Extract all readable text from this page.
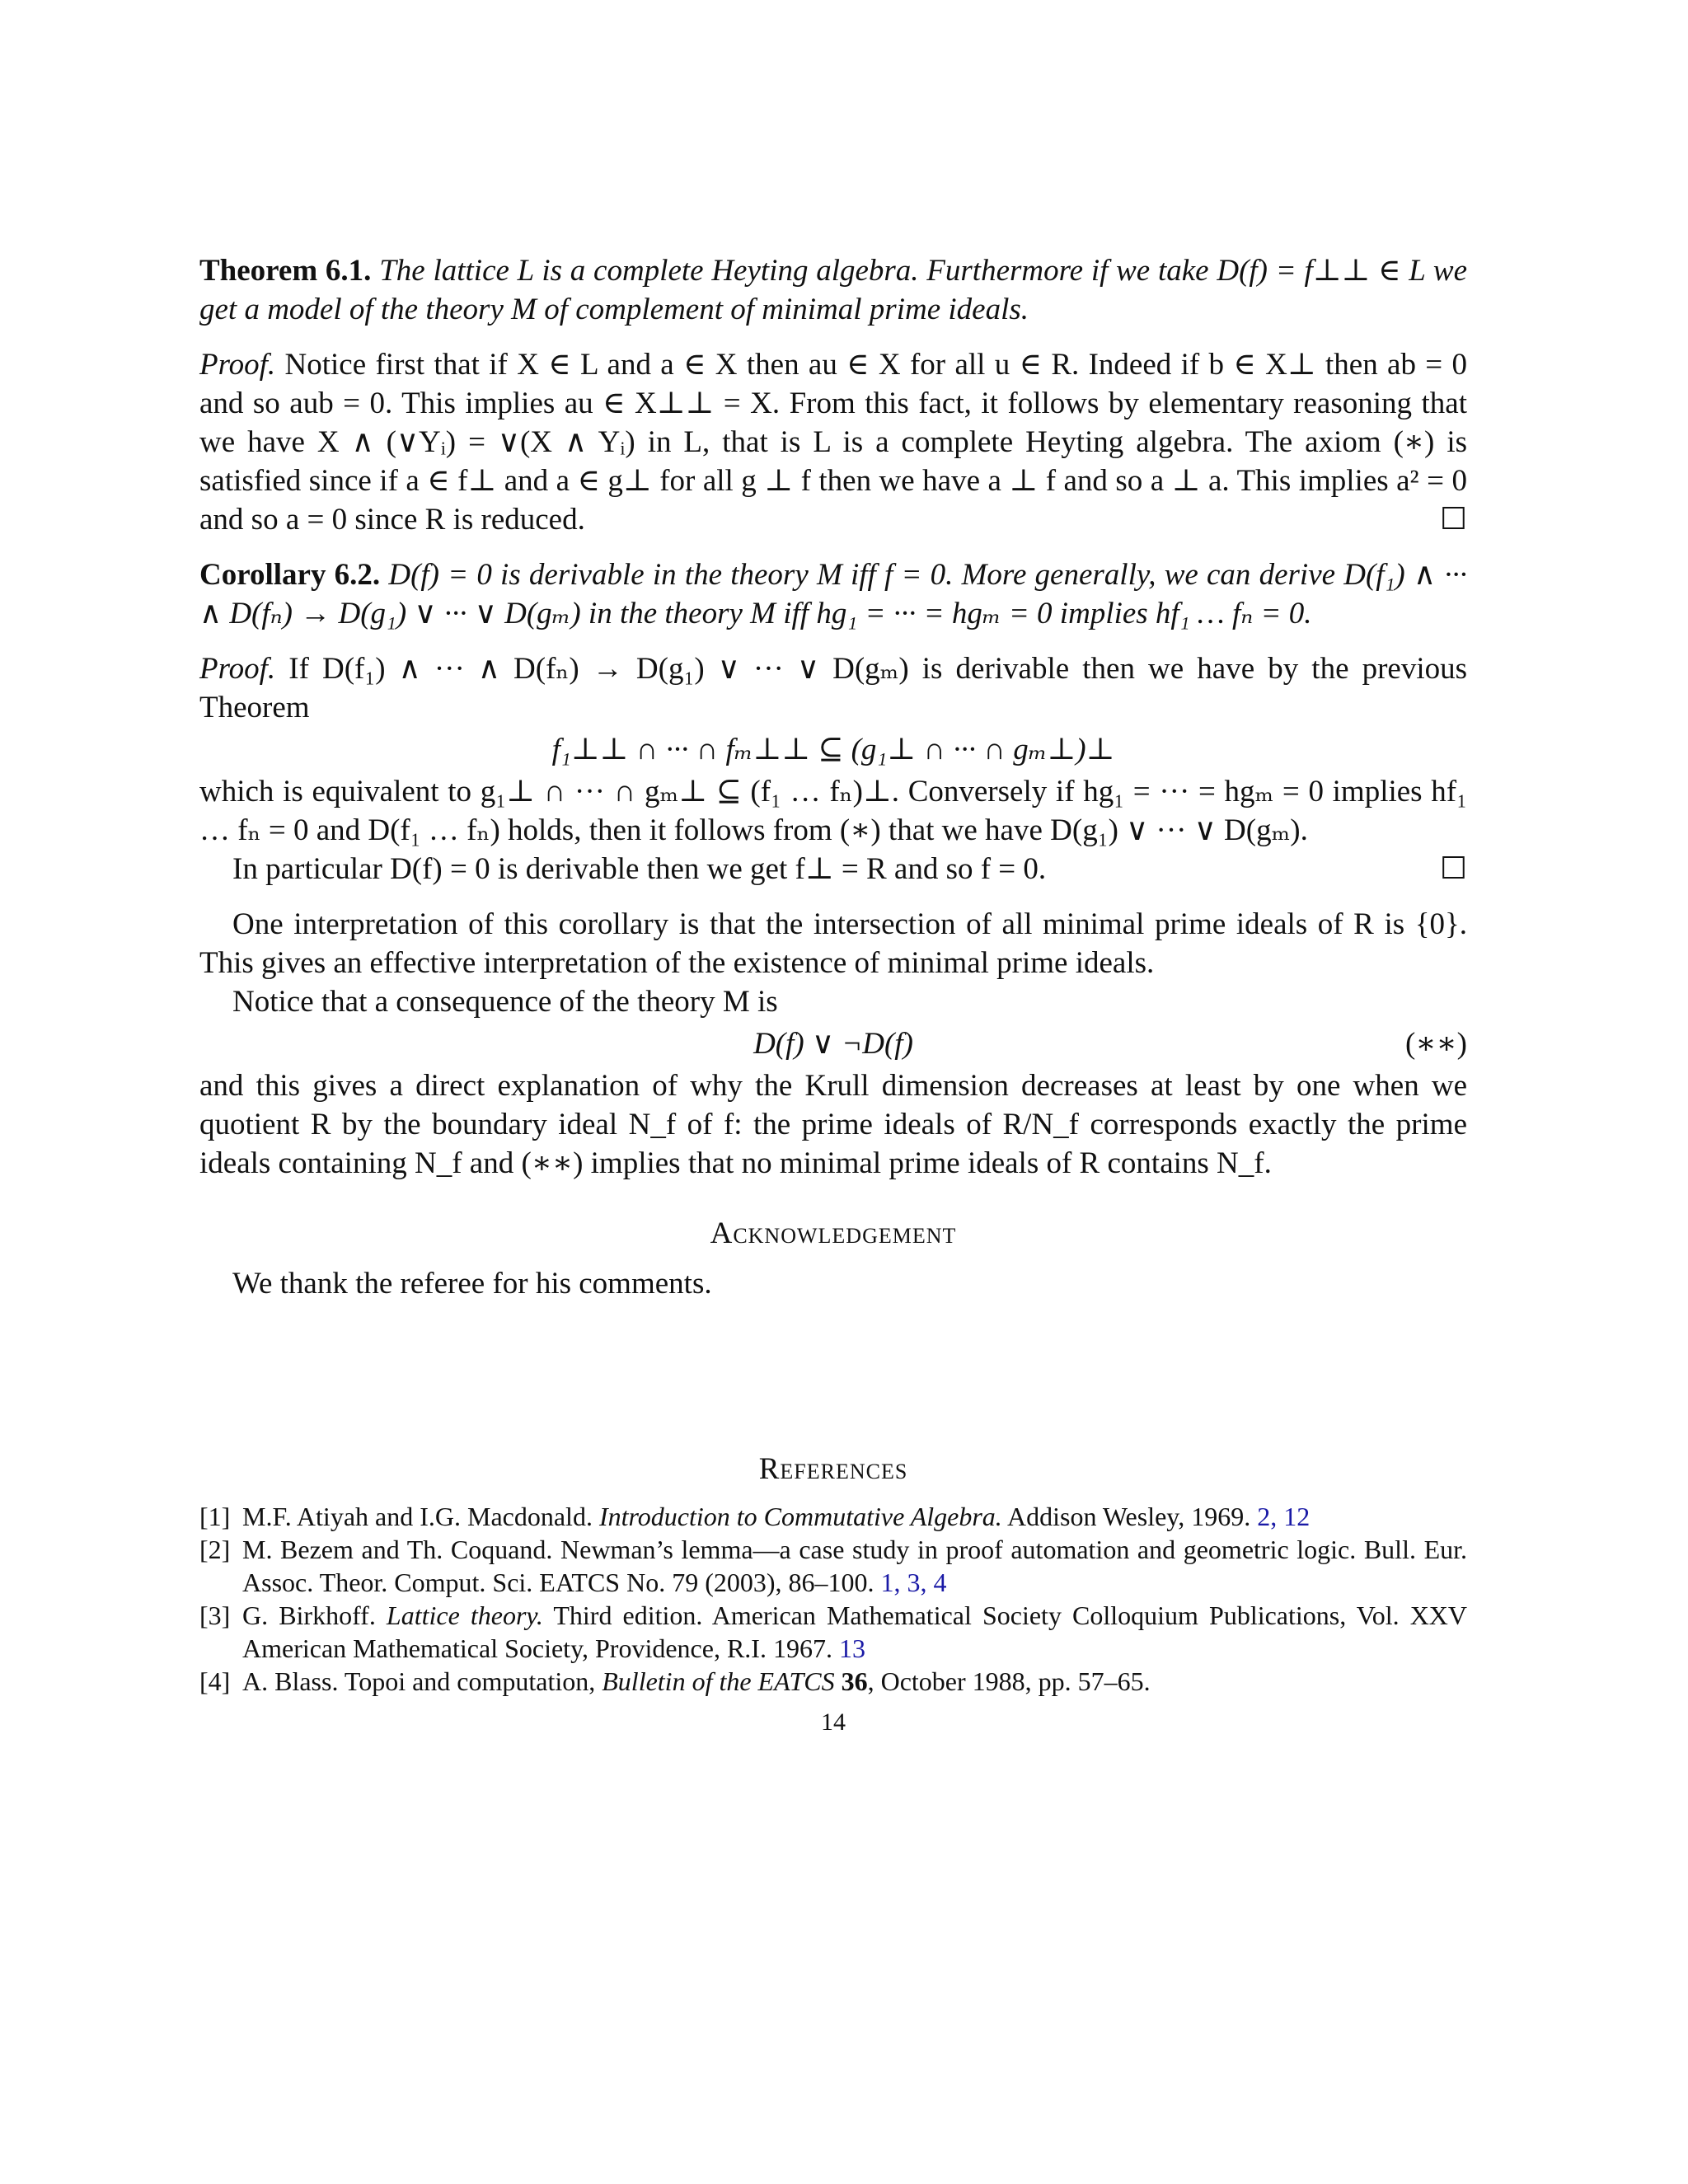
Theorem 6.1. The lattice L is a complete Heyting algebra. Furthermore if we take D(f) = f⊥⊥ ∈ L we get a model of the theory M of complement of minimal prime ideals.

Proof. Notice first that if X ∈ L and a ∈ X then au ∈ X for all u ∈ R. Indeed if b ∈ X⊥ then ab = 0 and so aub = 0. This implies au ∈ X⊥⊥ = X. From this fact, it follows by elementary reasoning that we have X ∧ (∨Yᵢ) = ∨(X ∧ Yᵢ) in L, that is L is a complete Heyting algebra. The axiom (∗) is satisfied since if a ∈ f⊥ and a ∈ g⊥ for all g ⊥ f then we have a ⊥ f and so a ⊥ a. This implies a² = 0 and so a = 0 since R is reduced.	☐

Corollary 6.2. D(f) = 0 is derivable in the theory M iff f = 0. More generally, we can derive D(f₁) ∧ ··· ∧ D(fₙ) → D(g₁) ∨ ··· ∨ D(gₘ) in the theory M iff hg₁ = ··· = hgₘ = 0 implies hf₁ … fₙ = 0.

Proof. If D(f₁) ∧ ··· ∧ D(fₙ) → D(g₁) ∨ ··· ∨ D(gₘ) is derivable then we have by the previous Theorem

f₁⊥⊥ ∩ ··· ∩ fₘ⊥⊥ ⊆ (g₁⊥ ∩ ··· ∩ gₘ⊥)⊥

which is equivalent to g₁⊥ ∩ ··· ∩ gₘ⊥ ⊆ (f₁ … fₙ)⊥. Conversely if hg₁ = ··· = hgₘ = 0 implies hf₁ … fₙ = 0 and D(f₁ … fₙ) holds, then it follows from (∗) that we have D(g₁) ∨ ··· ∨ D(gₘ).

In particular D(f) = 0 is derivable then we get f⊥ = R and so f = 0.	☐

One interpretation of this corollary is that the intersection of all minimal prime ideals of R is {0}. This gives an effective interpretation of the existence of minimal prime ideals.

Notice that a consequence of the theory M is

D(f) ∨ ¬D(f)	(∗∗)

and this gives a direct explanation of why the Krull dimension decreases at least by one when we quotient R by the boundary ideal N_f of f: the prime ideals of R/N_f corresponds exactly the prime ideals containing N_f and (∗∗) implies that no minimal prime ideals of R contains N_f.

Acknowledgement

We thank the referee for his comments.

References
[1] M.F. Atiyah and I.G. Macdonald. Introduction to Commutative Algebra. Addison Wesley, 1969. 2, 12
[2] M. Bezem and Th. Coquand. Newman’s lemma—a case study in proof automation and geometric logic. Bull. Eur. Assoc. Theor. Comput. Sci. EATCS No. 79 (2003), 86–100. 1, 3, 4
[3] G. Birkhoff. Lattice theory. Third edition. American Mathematical Society Colloquium Publications, Vol. XXV American Mathematical Society, Providence, R.I. 1967. 13
[4] A. Blass. Topoi and computation, Bulletin of the EATCS 36, October 1988, pp. 57–65.
14
